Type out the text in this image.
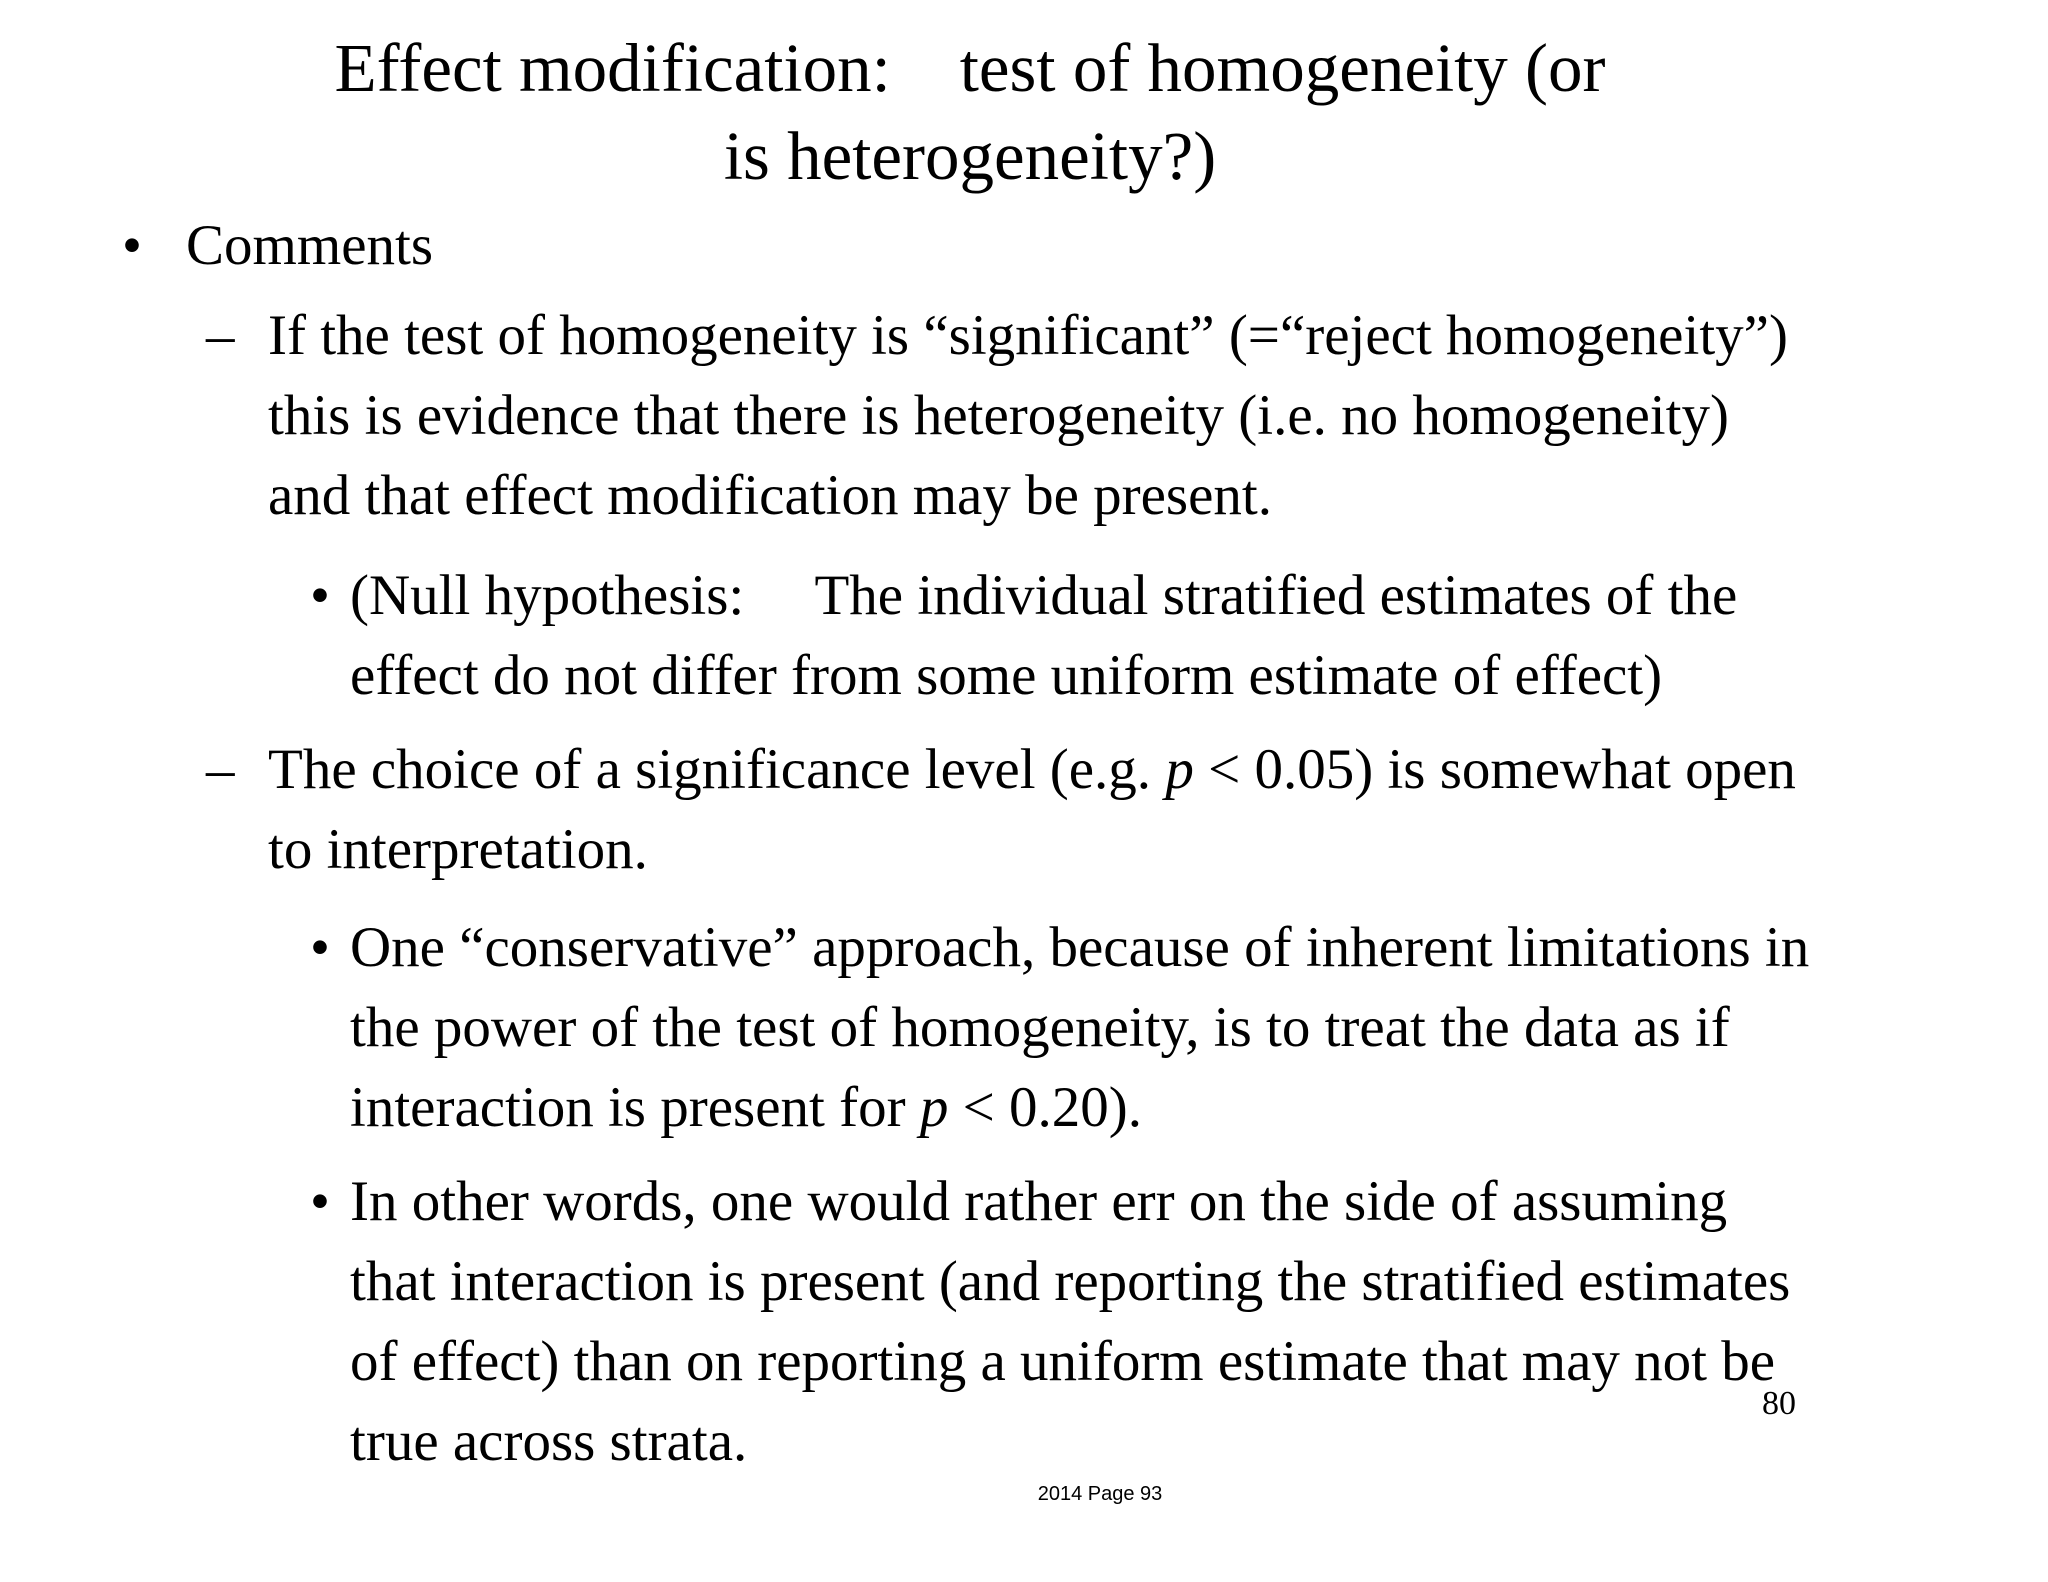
Effect modification:    test of homogeneity (or
is heterogeneity?)
• Comments
– If the test of homogeneity is “significant” (=“reject homogeneity”)
this is evidence that there is heterogeneity (i.e. no homogeneity)
and that effect modification may be present.
• (Null hypothesis:     The individual stratified estimates of the
effect do not differ from some uniform estimate of effect)
– The choice of a significance level (e.g. p < 0.05) is somewhat open
to interpretation.
• One “conservative” approach, because of inherent limitations in
the power of the test of homogeneity, is to treat the data as if
interaction is present for p < 0.20).
• In other words, one would rather err on the side of assuming
that interaction is present (and reporting the stratified estimates
of effect) than on reporting a uniform estimate that may not be
true across strata.
80
2014 Page 93
